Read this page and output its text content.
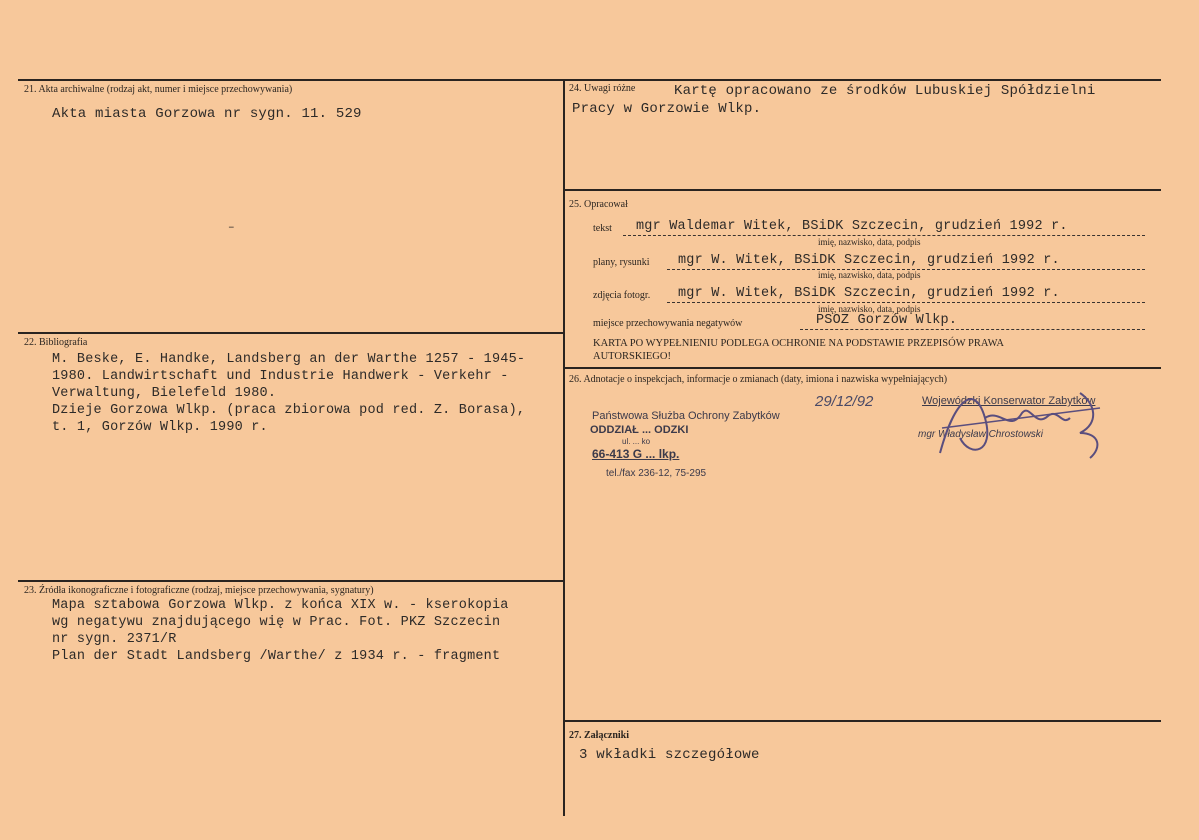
21. Akta archiwalne (rodzaj akt, numer i miejsce przechowywania)
Akta miasta Gorzowa nr sygn. 11. 529
–
22. Bibliografia
M. Beske, E. Handke, Landsberg an der Warthe 1257 - 1945-
1980. Landwirtschaft und Industrie Handwerk - Verkehr -
Verwaltung, Bielefeld 1980.
Dzieje Gorzowa Wlkp. (praca zbiorowa pod red. Z. Borasa),
t. 1, Gorzów Wlkp. 1990 r.
23. Źródła ikonograficzne i fotograficzne (rodzaj, miejsce przechowywania, sygnatury)
Mapa sztabowa Gorzowa Wlkp. z końca XIX w. - kserokopia
wg negatywu znajdującego wię w Prac. Fot. PKZ Szczecin
nr sygn. 2371/R
Plan der Stadt Landsberg /Warthe/ z 1934 r. - fragment
24. Uwagi różne	Kartę opracowano ze środków Lubuskiej Spółdzielni
Pracy w Gorzowie Wlkp.
25. Opracował
tekst mgr Waldemar Witek, BSiDK Szczecin, grudzień 1992 r.
imię, nazwisko, data, podpis
plany, rysunki mgr W. Witek, BSiDK Szczecin, grudzień 1992 r.
imię, nazwisko, data, podpis
zdjęcia fotogr. mgr W. Witek, BSiDK Szczecin, grudzień 1992 r.
imię, nazwisko, data, podpis
miejsce przechowywania negatywów	PSOZ Gorzów Wlkp.
KARTA PO WYPEŁNIENIU PODLEGA OCHRONIE NA PODSTAWIE PRZEPISÓW PRAWA
AUTORSKIEGO!
26. Adnotacje o inspekcjach, informacje o zmianach (daty, imiona i nazwiska wypełniających)
29/12/92
Państwowa Służba Ochrony Zabytków
ODDZIAŁ ... ODZKI
ul. ... ko
66-413 G ... lkp.
tel./fax 236-12, 75-295
Wojewódzki Konserwator Zabytków
mgr Władysław Chrostowski
27. Załączniki
3 wkładki szczegółowe
